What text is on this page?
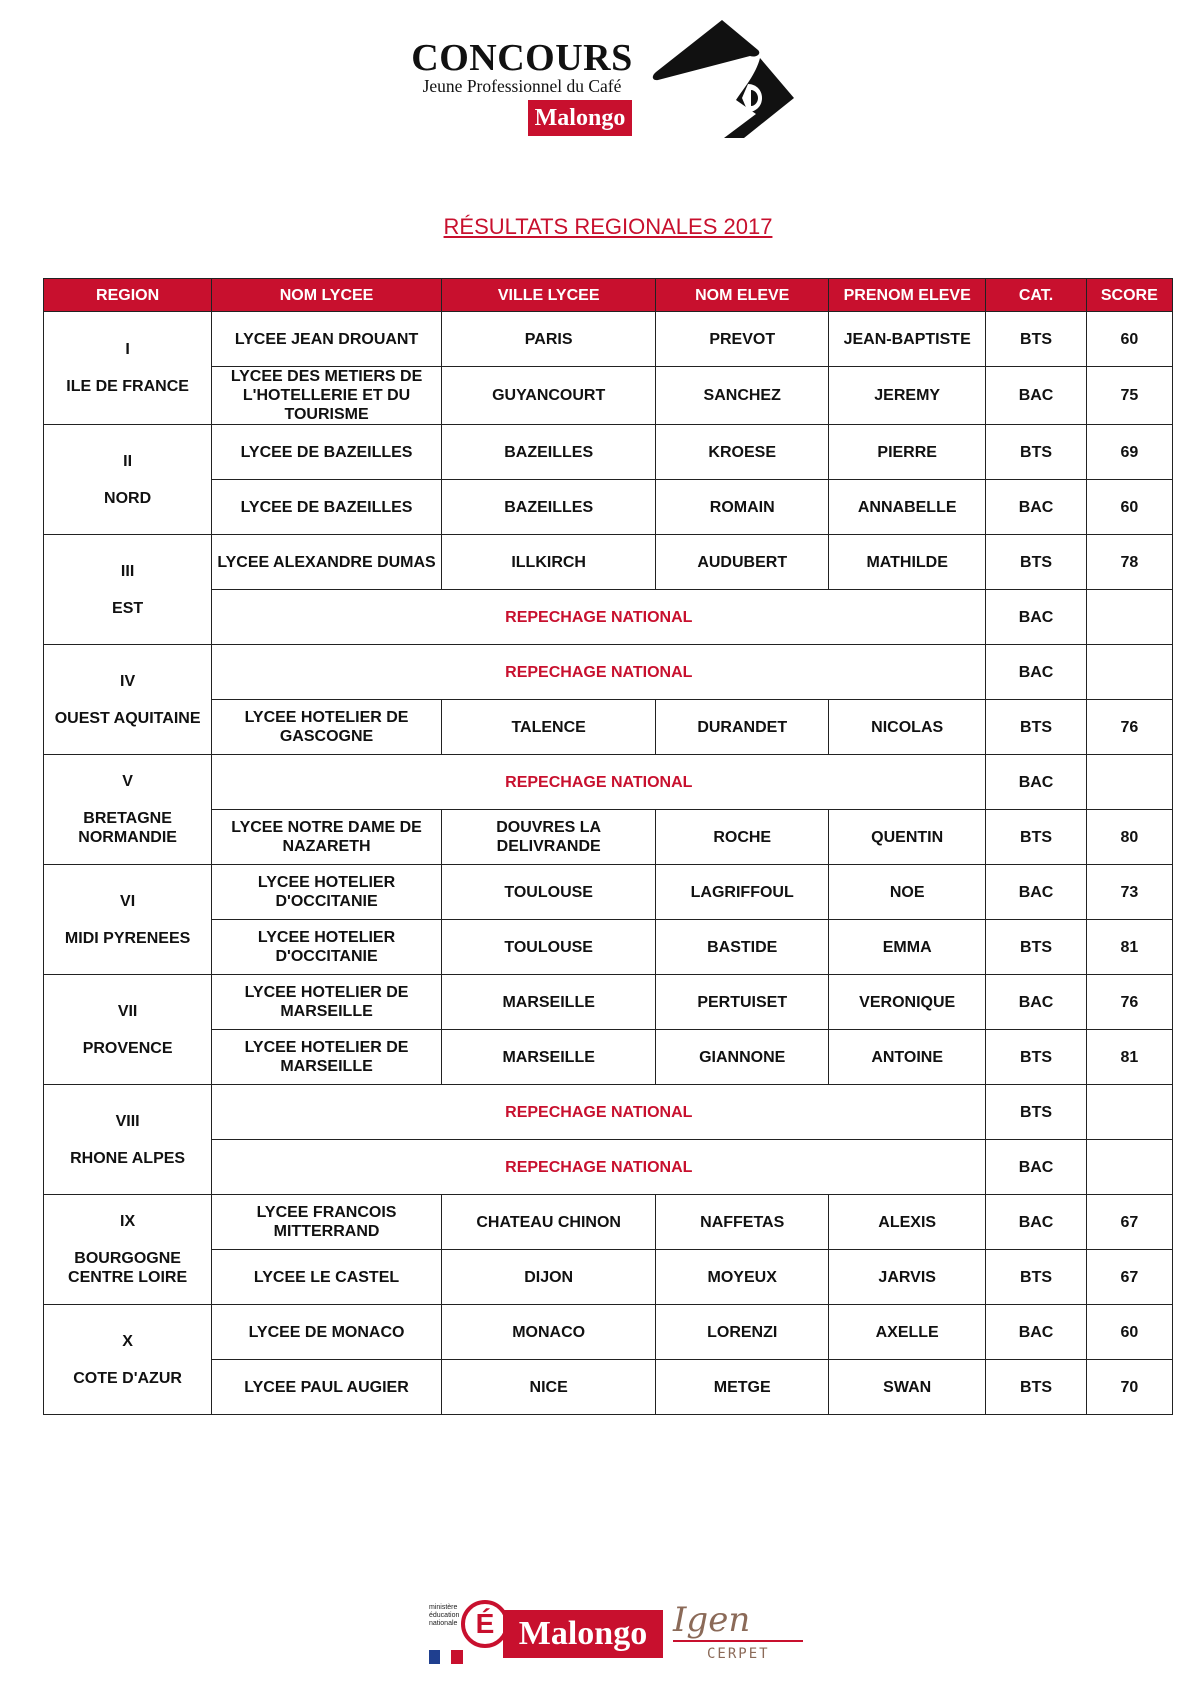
CONCOURS
Jeune Professionnel du Café
Malongo
RÉSULTATS REGIONALES 2017
REGION	NOM LYCEE	VILLE LYCEE	NOM ELEVE	PRENOM ELEVE	CAT.	SCORE

I
ILE DE FRANCE	LYCEE JEAN DROUANT	PARIS	PREVOT	JEAN-BAPTISTE	BTS	60
	LYCEE DES METIERS DE L'HOTELLERIE ET DU TOURISME	GUYANCOURT	SANCHEZ	JEREMY	BAC	75

II
NORD	LYCEE DE BAZEILLES	BAZEILLES	KROESE	PIERRE	BTS	69
	LYCEE DE BAZEILLES	BAZEILLES	ROMAIN	ANNABELLE	BAC	60

III
EST	LYCEE ALEXANDRE DUMAS	ILLKIRCH	AUDUBERT	MATHILDE	BTS	78
	REPECHAGE NATIONAL				BAC	

IV
OUEST AQUITAINE	REPECHAGE NATIONAL				BAC	
	LYCEE HOTELIER DE GASCOGNE	TALENCE	DURANDET	NICOLAS	BTS	76

V
BRETAGNE NORMANDIE	REPECHAGE NATIONAL				BAC	
	LYCEE NOTRE DAME DE NAZARETH	DOUVRES LA DELIVRANDE	ROCHE	QUENTIN	BTS	80

VI
MIDI PYRENEES	LYCEE HOTELIER D'OCCITANIE	TOULOUSE	LAGRIFFOUL	NOE	BAC	73
	LYCEE HOTELIER D'OCCITANIE	TOULOUSE	BASTIDE	EMMA	BTS	81

VII
PROVENCE	LYCEE HOTELIER DE MARSEILLE	MARSEILLE	PERTUISET	VERONIQUE	BAC	76
	LYCEE HOTELIER DE MARSEILLE	MARSEILLE	GIANNONE	ANTOINE	BTS	81

VIII
RHONE ALPES	REPECHAGE NATIONAL				BTS	
	REPECHAGE NATIONAL				BAC	

IX
BOURGOGNE CENTRE LOIRE	LYCEE FRANCOIS MITTERRAND	CHATEAU CHINON	NAFFETAS	ALEXIS	BAC	67
	LYCEE LE CASTEL	DIJON	MOYEUX	JARVIS	BTS	67

X
COTE D'AZUR	LYCEE DE MONACO	MONACO	LORENZI	AXELLE	BAC	60
	LYCEE PAUL AUGIER	NICE	METGE	SWAN	BTS	70
ministère éducation nationale É Malongo Igen
CERPET
